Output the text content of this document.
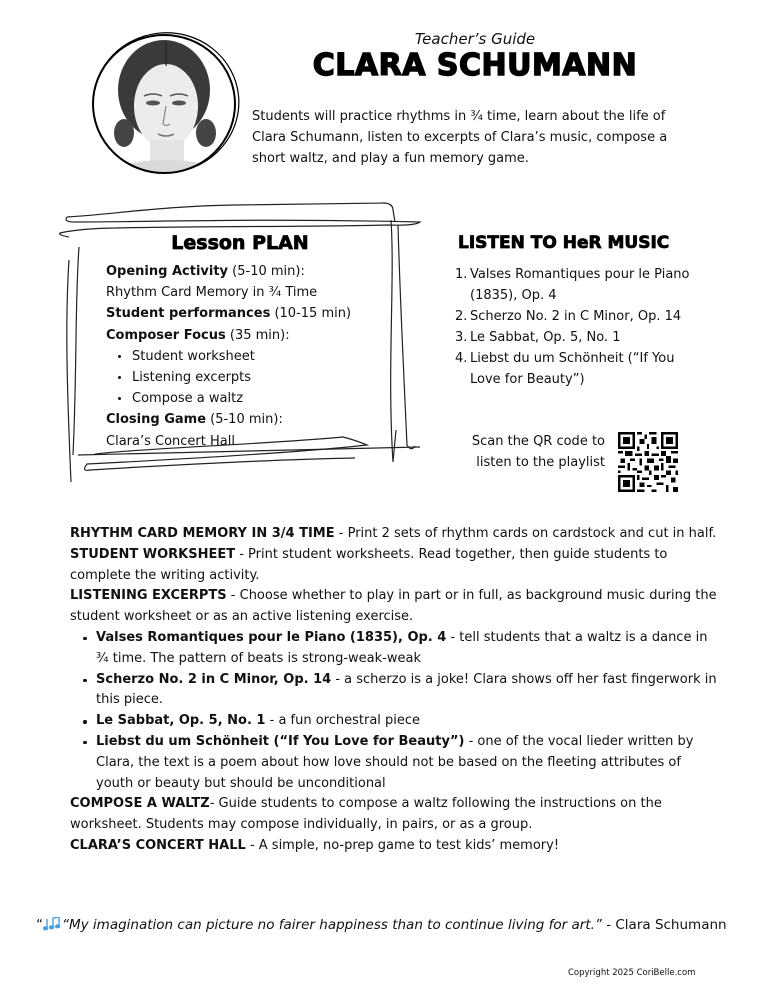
Teacher’s Guide
CLARA SCHUMANN
Students will practice rhythms in ¾ time, learn about the life of Clara Schumann, listen to excerpts of Clara’s music, compose a short waltz, and play a fun memory game.
Lesson PLAN
Opening Activity (5-10 min):
Rhythm Card Memory in ¾ Time
Student performances (10-15 min)
Composer Focus (35 min):
Student worksheet
Listening excerpts
Compose a waltz
Closing Game (5-10 min):
Clara’s Concert Hall
LISTEN TO HeR MUSIC
1. Valses Romantiques pour le Piano (1835), Op. 4
2. Scherzo No. 2 in C Minor, Op. 14
3. Le Sabbat, Op. 5, No. 1
4. Liebst du um Schönheit (“If You Love for Beauty”)
Scan the QR code to listen to the playlist
RHYTHM CARD MEMORY IN 3/4 TIME - Print 2 sets of rhythm cards on cardstock and cut in half.
STUDENT WORKSHEET - Print student worksheets. Read together, then guide students to complete the writing activity.
LISTENING EXCERPTS - Choose whether to play in part or in full, as background music during the student worksheet or as an active listening exercise.
Valses Romantiques pour le Piano (1835), Op. 4 - tell students that a waltz is a dance in ¾ time. The pattern of beats is strong-weak-weak
Scherzo No. 2 in C Minor, Op. 14 - a scherzo is a joke! Clara shows off her fast fingerwork in this piece.
Le Sabbat, Op. 5, No. 1 - a fun orchestral piece
Liebst du um Schönheit (“If You Love for Beauty”) - one of the vocal lieder written by Clara, the text is a poem about how love should not be based on the fleeting attributes of youth or beauty but should be unconditional
COMPOSE A WALTZ- Guide students to compose a waltz following the instructions on the worksheet. Students may compose individually, in pairs, or as a group.
CLARA’S CONCERT HALL - A simple, no-prep game to test kids’ memory!
“ “My imagination can picture no fairer happiness than to continue living for art.” - Clara Schumann
Copyright 2025 CoriBelle.com
